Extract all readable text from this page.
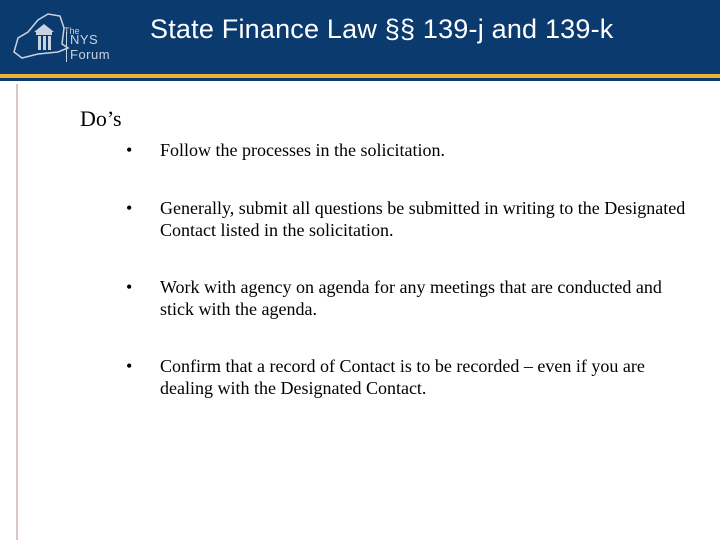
The
NYS Forum
State Finance Law §§ 139-j and 139-k
Do’s
• Follow the processes in the solicitation.
• Generally, submit all questions be submitted in writing to the Designated Contact listed in the solicitation.
• Work with agency on agenda for any meetings that are conducted and stick with the agenda.
• Confirm that a record of Contact is to be recorded – even if you are dealing with the Designated Contact.
